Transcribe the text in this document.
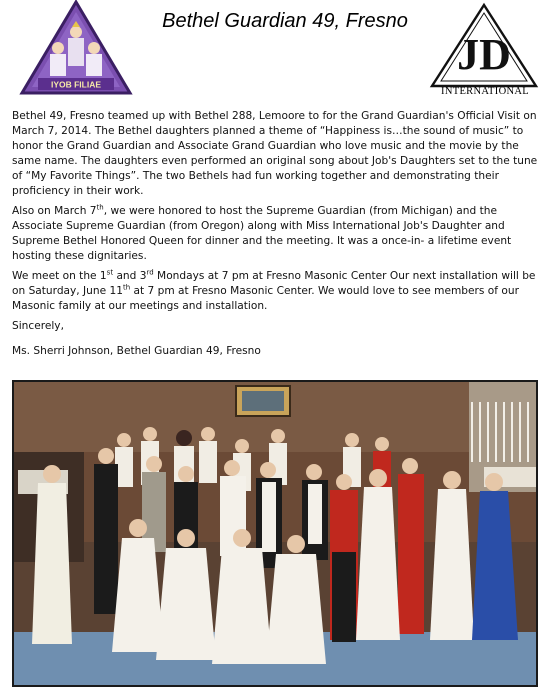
IYOB FILIAE
Bethel Guardian 49, Fresno
JD
INTERNATIONAL

Bethel 49, Fresno teamed up with Bethel 288, Lemoore to for the Grand Guardian's Official Visit on March 7, 2014. The Bethel daughters planned a theme of “Happiness is…the sound of music” to honor the Grand Guardian and Associate Grand Guardian who love music and the movie by the same name. The daughters even performed an original song about Job's Daughters set to the tune of “My Favorite Things”. The two Bethels had fun working together and demonstrating their proficiency in their work.

Also on March 7th, we were honored to host the Supreme Guardian (from Michigan) and the Associate Supreme Guardian (from Oregon) along with Miss International Job's Daughter and Supreme Bethel Honored Queen for dinner and the meeting. It was a once-in- a lifetime event hosting these dignitaries.

We meet on the 1st and 3rd Mondays at 7 pm at Fresno Masonic Center Our next installation will be on Saturday, June 11th at 7 pm at Fresno Masonic Center. We would love to see members of our Masonic family at our meetings and installation.

Sincerely,

Ms. Sherri Johnson, Bethel Guardian 49, Fresno
